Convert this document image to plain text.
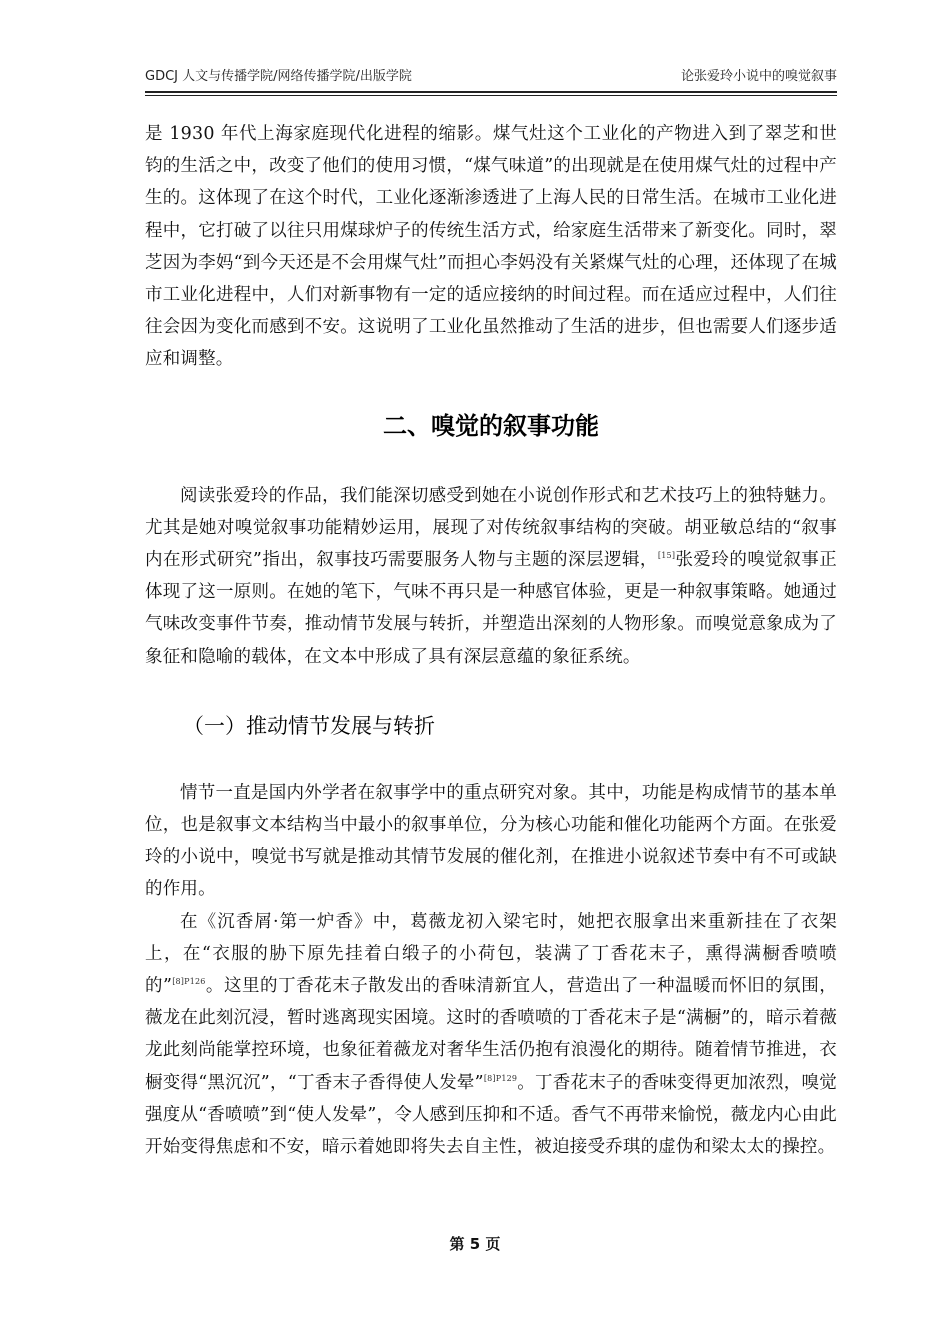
GDCJ 人文与传播学院/网络传播学院/出版学院	论张爱玲小说中的嗅觉叙事

是 1930 年代上海家庭现代化进程的缩影。煤气灶这个工业化的产物进入到了翠芝和世钧的生活之中，改变了他们的使用习惯，“煤气味道”的出现就是在使用煤气灶的过程中产生的。这体现了在这个时代，工业化逐渐渗透进了上海人民的日常生活。在城市工业化进程中，它打破了以往只用煤球炉子的传统生活方式，给家庭生活带来了新变化。同时，翠芝因为李妈“到今天还是不会用煤气灶”而担心李妈没有关紧煤气灶的心理，还体现了在城市工业化进程中，人们对新事物有一定的适应接纳的时间过程。而在适应过程中，人们往往会因为变化而感到不安。这说明了工业化虽然推动了生活的进步，但也需要人们逐步适应和调整。

二、嗅觉的叙事功能

阅读张爱玲的作品，我们能深切感受到她在小说创作形式和艺术技巧上的独特魅力。尤其是她对嗅觉叙事功能精妙运用，展现了对传统叙事结构的突破。胡亚敏总结的“叙事内在形式研究”指出，叙事技巧需要服务人物与主题的深层逻辑，[15]张爱玲的嗅觉叙事正体现了这一原则。在她的笔下，气味不再只是一种感官体验，更是一种叙事策略。她通过气味改变事件节奏，推动情节发展与转折，并塑造出深刻的人物形象。而嗅觉意象成为了象征和隐喻的载体，在文本中形成了具有深层意蕴的象征系统。

（一）推动情节发展与转折

情节一直是国内外学者在叙事学中的重点研究对象。其中，功能是构成情节的基本单位，也是叙事文本结构当中最小的叙事单位，分为核心功能和催化功能两个方面。在张爱玲的小说中，嗅觉书写就是推动其情节发展的催化剂，在推进小说叙述节奏中有不可或缺的作用。

在《沉香屑·第一炉香》中，葛薇龙初入梁宅时，她把衣服拿出来重新挂在了衣架上，在“衣服的胁下原先挂着白缎子的小荷包，装满了丁香花末子，熏得满橱香喷喷的”$^{[8]P126}$。这里的丁香花末子散发出的香味清新宜人，营造出了一种温暖而怀旧的氛围，薇龙在此刻沉浸，暂时逃离现实困境。这时的香喷喷的丁香花末子是“满橱”的，暗示着薇龙此刻尚能掌控环境，也象征着薇龙对奢华生活仍抱有浪漫化的期待。随着情节推进，衣橱变得“黑沉沉”，“丁香末子香得使人发晕”$^{[8]P129}$。丁香花末子的香味变得更加浓烈，嗅觉强度从“香喷喷”到“使人发晕”，令人感到压抑和不适。香气不再带来愉悦，薇龙内心由此开始变得焦虑和不安，暗示着她即将失去自主性，被迫接受乔琪的虚伪和梁太太的操控。

第 5 页
